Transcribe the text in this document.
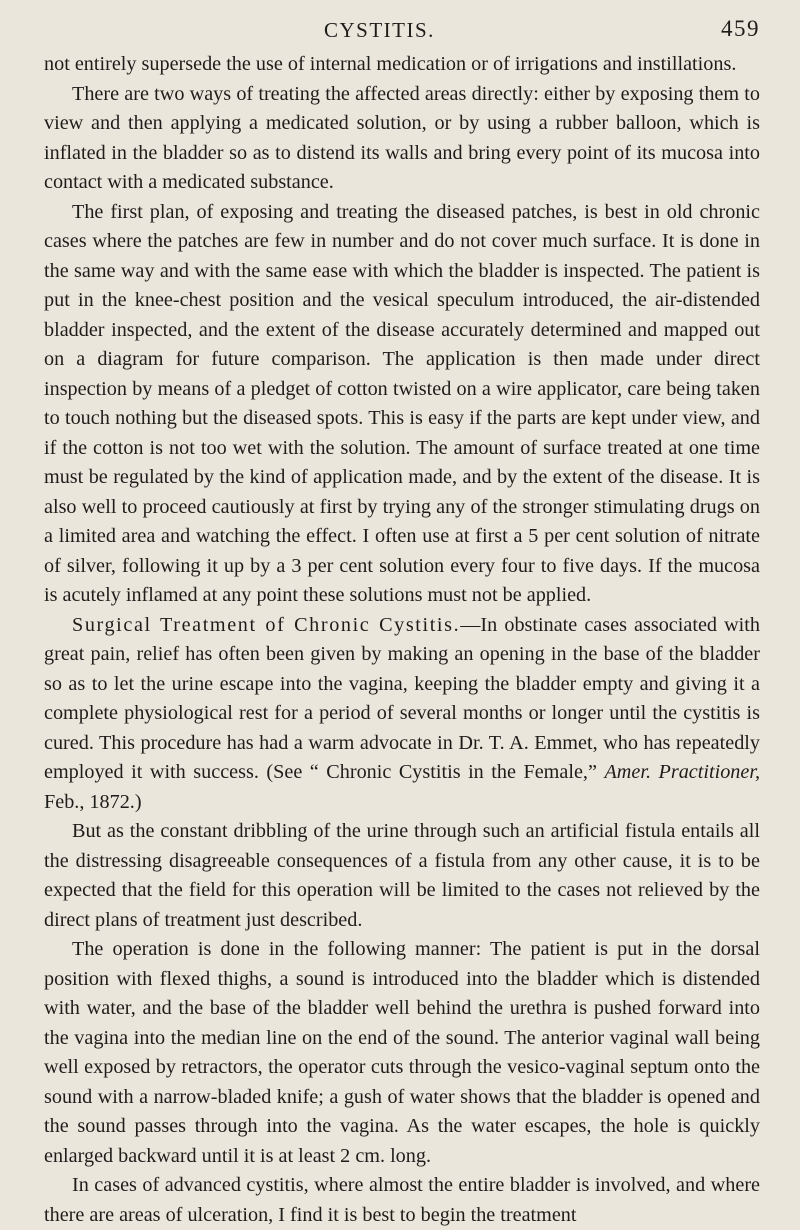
CYSTITIS.	459

not entirely supersede the use of internal medication or of irrigations and instillations.

There are two ways of treating the affected areas directly: either by exposing them to view and then applying a medicated solution, or by using a rubber balloon, which is inflated in the bladder so as to distend its walls and bring every point of its mucosa into contact with a medicated substance.

The first plan, of exposing and treating the diseased patches, is best in old chronic cases where the patches are few in number and do not cover much surface. It is done in the same way and with the same ease with which the bladder is inspected. The patient is put in the knee-chest position and the vesical speculum introduced, the air-distended bladder inspected, and the extent of the disease accurately determined and mapped out on a diagram for future comparison. The application is then made under direct inspection by means of a pledget of cotton twisted on a wire applicator, care being taken to touch nothing but the diseased spots. This is easy if the parts are kept under view, and if the cotton is not too wet with the solution. The amount of surface treated at one time must be regulated by the kind of application made, and by the extent of the disease. It is also well to proceed cautiously at first by trying any of the stronger stimulating drugs on a limited area and watching the effect. I often use at first a 5 per cent solution of nitrate of silver, following it up by a 3 per cent solution every four to five days. If the mucosa is acutely inflamed at any point these solutions must not be applied.

Surgical Treatment of Chronic Cystitis.—In obstinate cases associated with great pain, relief has often been given by making an opening in the base of the bladder so as to let the urine escape into the vagina, keeping the bladder empty and giving it a complete physiological rest for a period of several months or longer until the cystitis is cured. This procedure has had a warm advocate in Dr. T. A. Emmet, who has repeatedly employed it with success. (See “ Chronic Cystitis in the Female,” Amer. Practitioner, Feb., 1872.)

But as the constant dribbling of the urine through such an artificial fistula entails all the distressing disagreeable consequences of a fistula from any other cause, it is to be expected that the field for this operation will be limited to the cases not relieved by the direct plans of treatment just described.

The operation is done in the following manner: The patient is put in the dorsal position with flexed thighs, a sound is introduced into the bladder which is distended with water, and the base of the bladder well behind the urethra is pushed forward into the vagina into the median line on the end of the sound. The anterior vaginal wall being well exposed by retractors, the operator cuts through the vesico-vaginal septum onto the sound with a narrow-bladed knife; a gush of water shows that the bladder is opened and the sound passes through into the vagina. As the water escapes, the hole is quickly enlarged backward until it is at least 2 cm. long.

In cases of advanced cystitis, where almost the entire bladder is involved, and where there are areas of ulceration, I find it is best to begin the treatment
